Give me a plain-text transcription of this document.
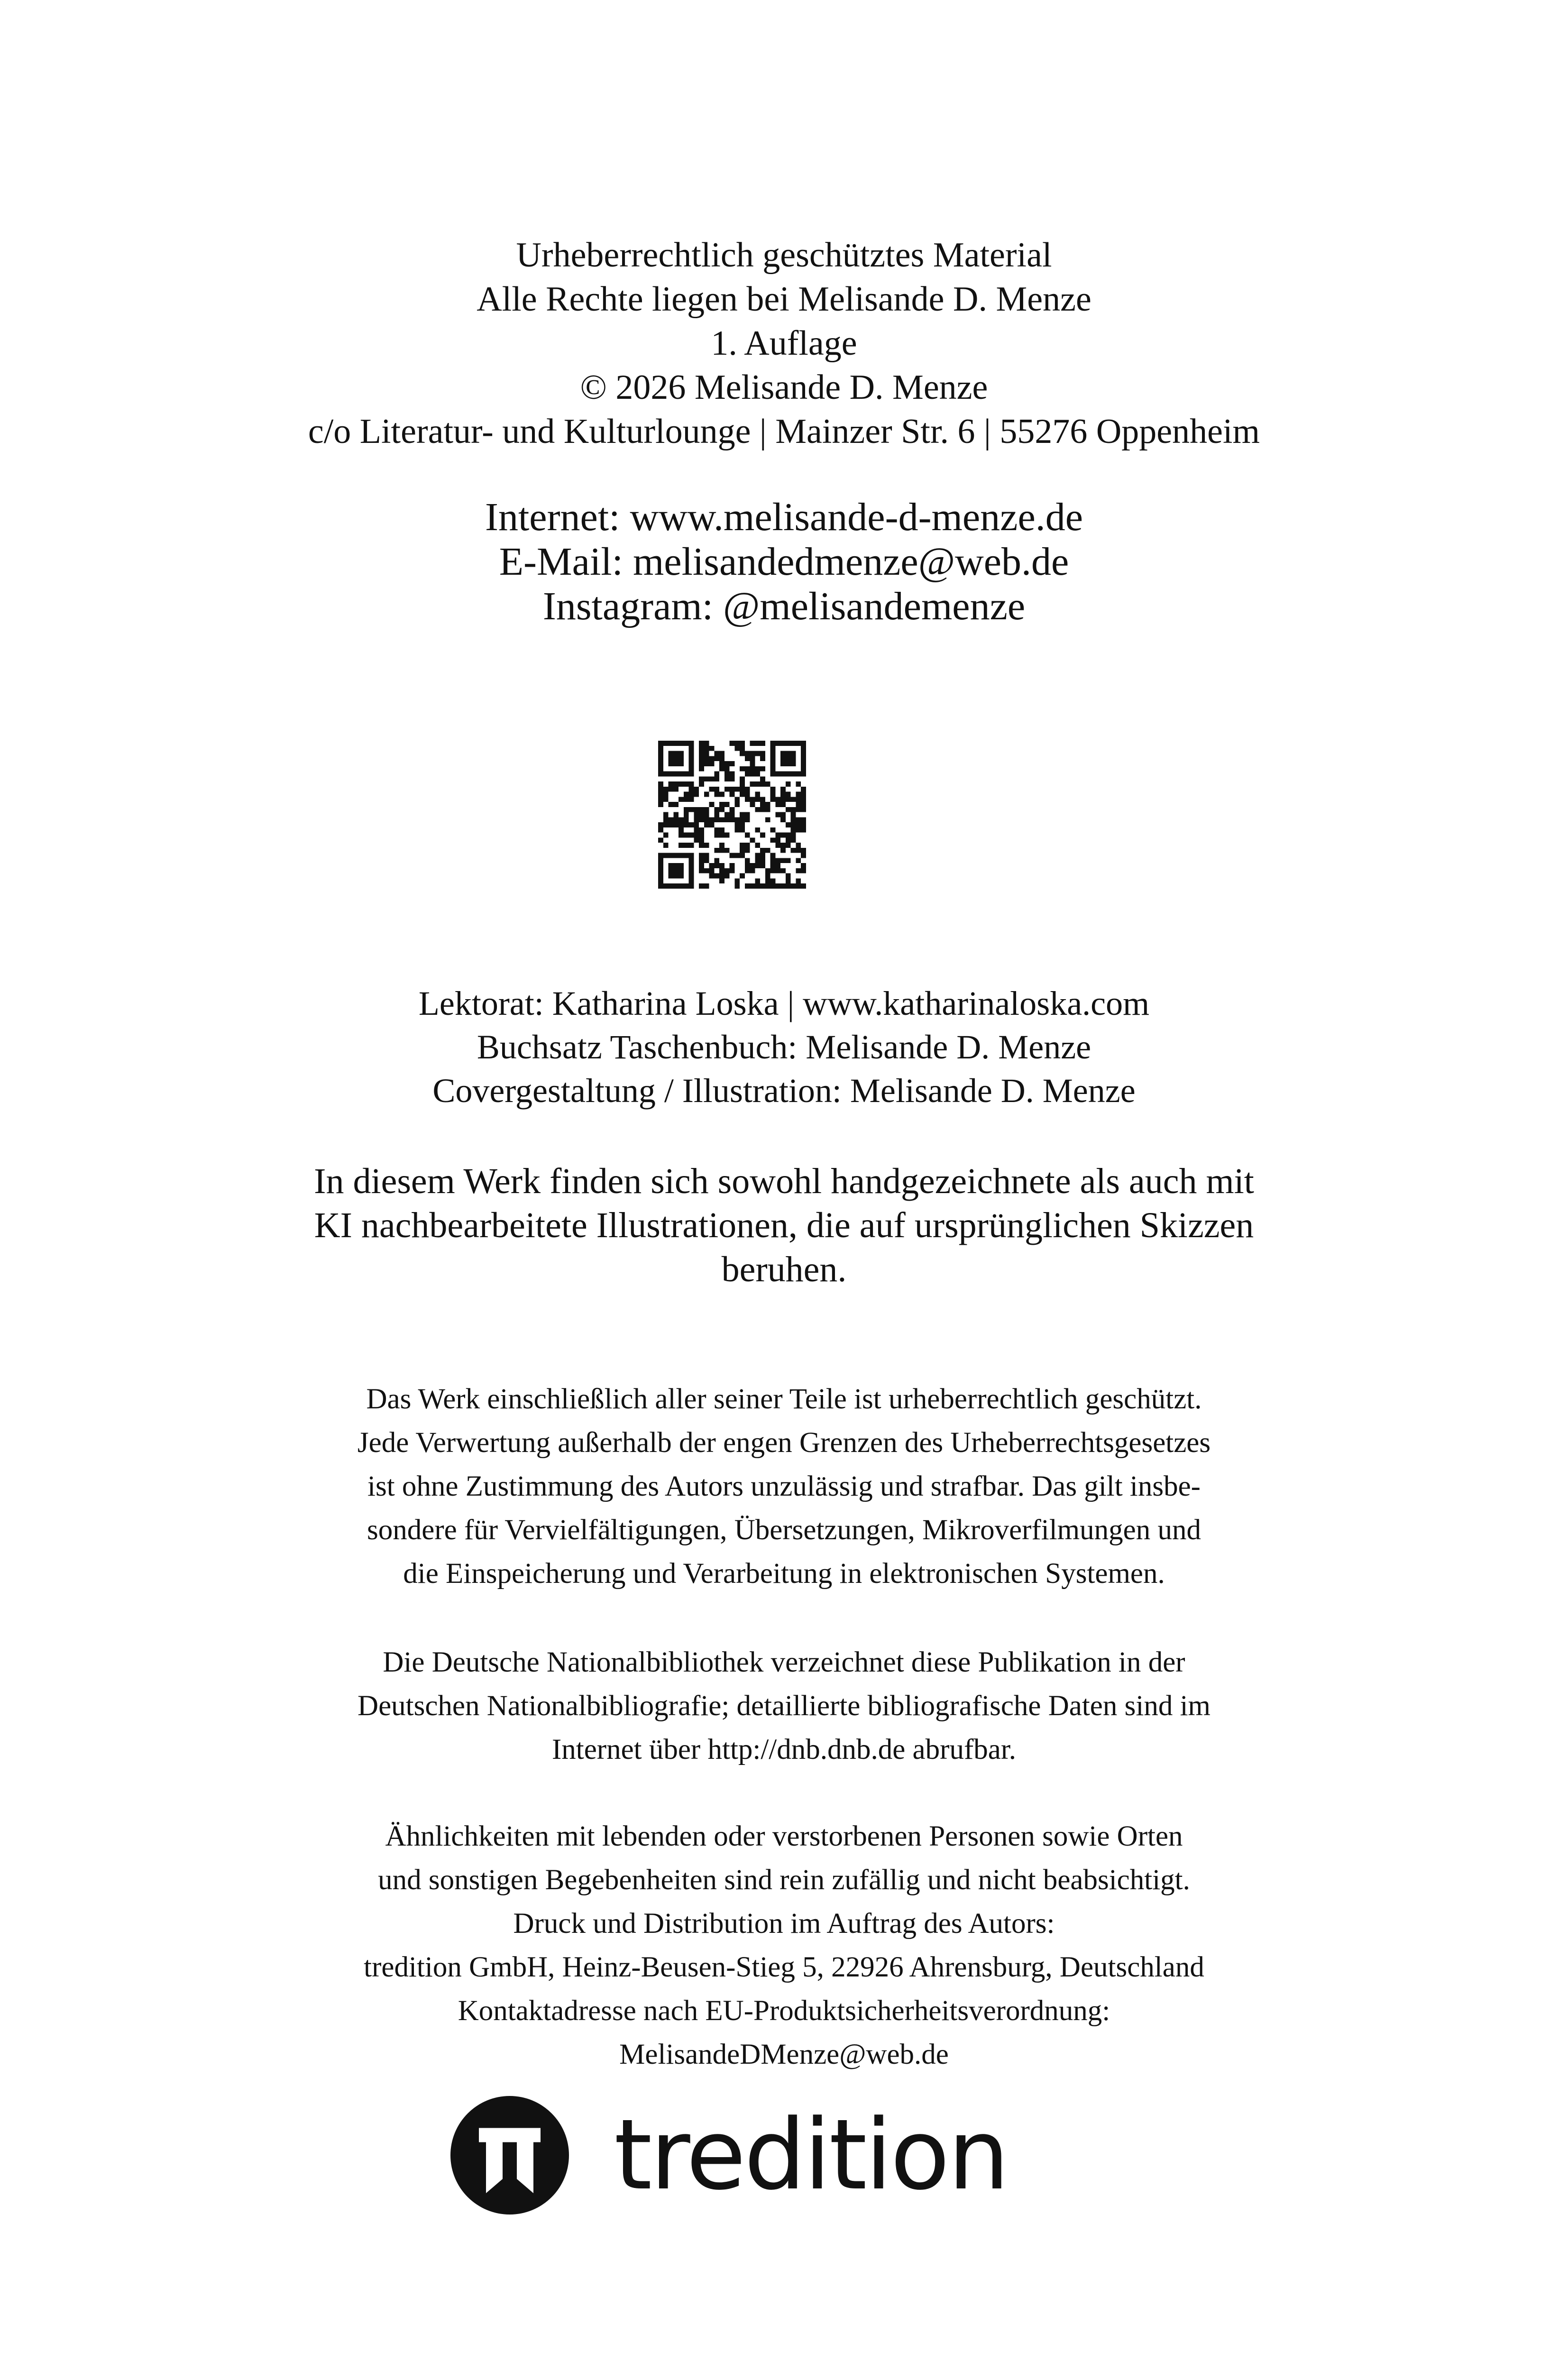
Urheberrechtlich geschütztes Material
Alle Rechte liegen bei Melisande D. Menze
1. Auflage
© 2026 Melisande D. Menze
c/o Literatur- und Kulturlounge | Mainzer Str. 6 | 55276 Oppenheim
Internet: www.melisande-d-menze.de
E-Mail: melisandedmenze@web.de
Instagram: @melisandemenze
Lektorat: Katharina Loska | www.katharinaloska.com
Buchsatz Taschenbuch: Melisande D. Menze
Covergestaltung / Illustration: Melisande D. Menze
In diesem Werk finden sich sowohl handgezeichnete als auch mit
KI nachbearbeitete Illustrationen, die auf ursprünglichen Skizzen
beruhen.
Das Werk einschließlich aller seiner Teile ist urheberrechtlich geschützt.
Jede Verwertung außerhalb der engen Grenzen des Urheberrechtsgesetzes
ist ohne Zustimmung des Autors unzulässig und strafbar. Das gilt insbe-
sondere für Vervielfältigungen, Übersetzungen, Mikroverfilmungen und
die Einspeicherung und Verarbeitung in elektronischen Systemen.
Die Deutsche Nationalbibliothek verzeichnet diese Publikation in der
Deutschen Nationalbibliografie; detaillierte bibliografische Daten sind im
Internet über http://dnb.dnb.de abrufbar.
Ähnlichkeiten mit lebenden oder verstorbenen Personen sowie Orten
und sonstigen Begebenheiten sind rein zufällig und nicht beabsichtigt.
Druck und Distribution im Auftrag des Autors:
tredition GmbH, Heinz-Beusen-Stieg 5, 22926 Ahrensburg, Deutschland
Kontaktadresse nach EU-Produktsicherheitsverordnung:
MelisandeDMenze@web.de
tredition
